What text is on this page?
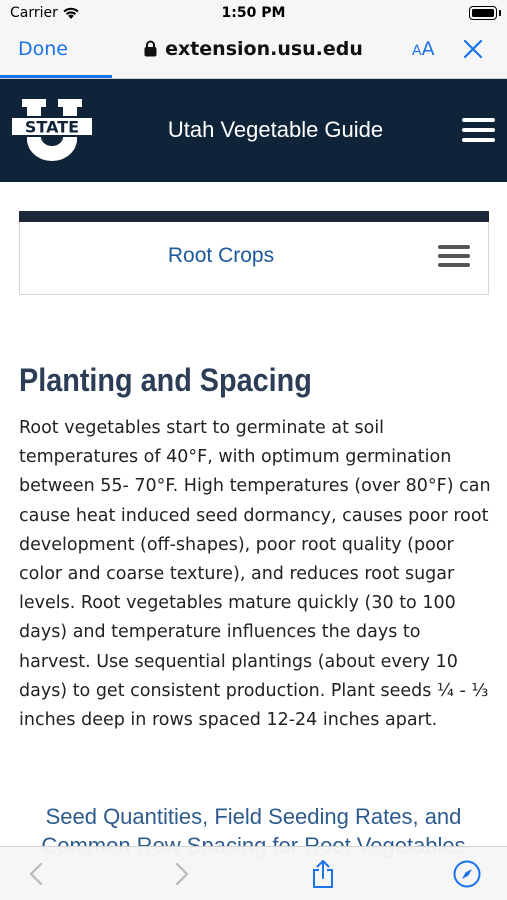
Carrier	1:50 PM
Done	extension.usu.edu	AA
STATE	Utah Vegetable Guide
Root Crops
Planting and Spacing

Root vegetables start to germinate at soil temperatures of 40°F, with optimum germination between 55- 70°F. High temperatures (over 80°F) can cause heat induced seed dormancy, causes poor root development (off-shapes), poor root quality (poor color and coarse texture), and reduces root sugar levels. Root vegetables mature quickly (30 to 100 days) and temperature influences the days to harvest. Use sequential plantings (about every 10 days) to get consistent production. Plant seeds ¼ - ⅓ inches deep in rows spaced 12-24 inches apart.

Seed Quantities, Field Seeding Rates, and
